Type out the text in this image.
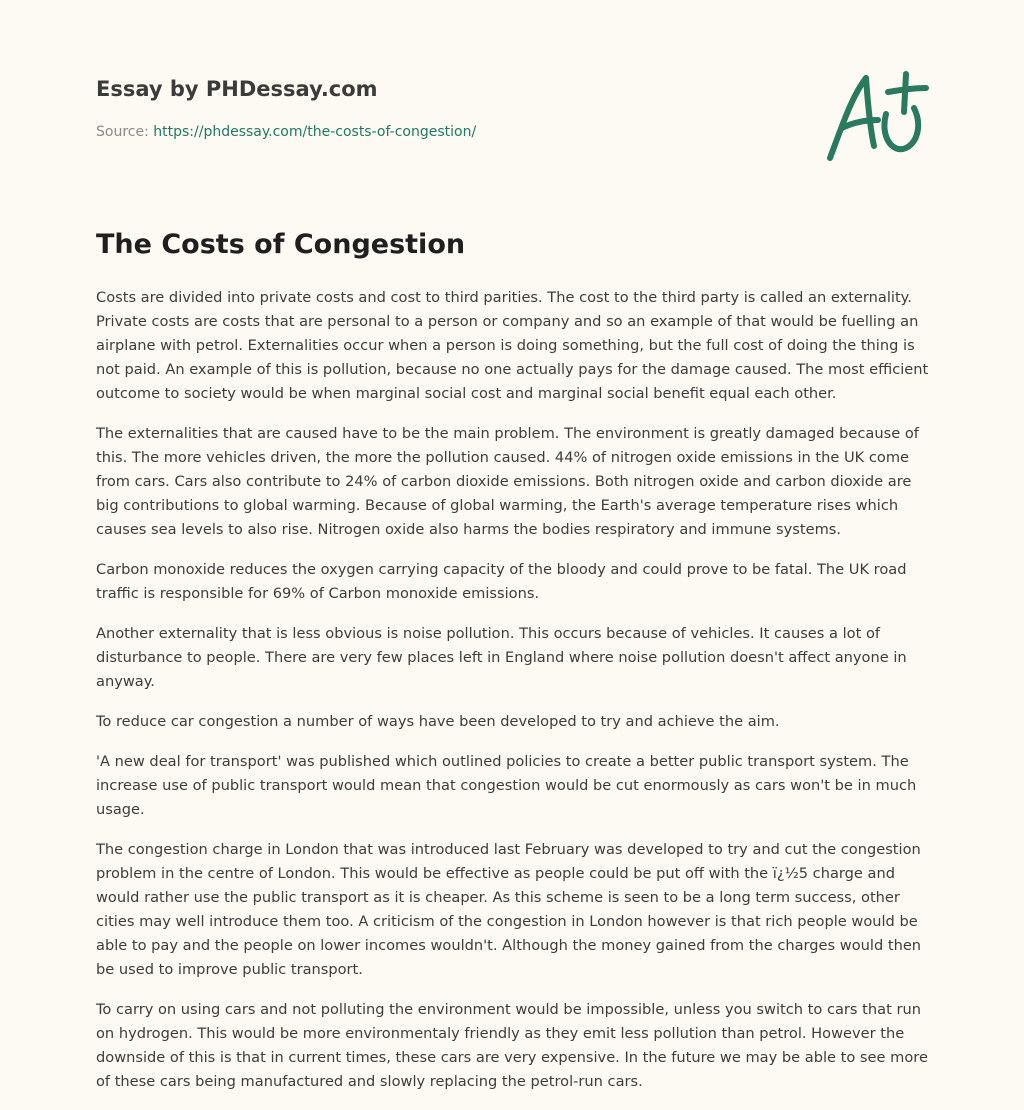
Essay by PHDessay.com

Source: https://phdessay.com/the-costs-of-congestion/
The Costs of Congestion

Costs are divided into private costs and cost to third parities. The cost to the third party is called an externality. Private costs are costs that are personal to a person or company and so an example of that would be fuelling an airplane with petrol. Externalities occur when a person is doing something, but the full cost of doing the thing is not paid. An example of this is pollution, because no one actually pays for the damage caused. The most efficient outcome to society would be when marginal social cost and marginal social benefit equal each other.

The externalities that are caused have to be the main problem. The environment is greatly damaged because of this. The more vehicles driven, the more the pollution caused. 44% of nitrogen oxide emissions in the UK come from cars. Cars also contribute to 24% of carbon dioxide emissions. Both nitrogen oxide and carbon dioxide are big contributions to global warming. Because of global warming, the Earth's average temperature rises which causes sea levels to also rise. Nitrogen oxide also harms the bodies respiratory and immune systems.

Carbon monoxide reduces the oxygen carrying capacity of the bloody and could prove to be fatal. The UK road traffic is responsible for 69% of Carbon monoxide emissions.

Another externality that is less obvious is noise pollution. This occurs because of vehicles. It causes a lot of disturbance to people. There are very few places left in England where noise pollution doesn't affect anyone in anyway.

To reduce car congestion a number of ways have been developed to try and achieve the aim.

'A new deal for transport' was published which outlined policies to create a better public transport system. The increase use of public transport would mean that congestion would be cut enormously as cars won't be in much usage.

The congestion charge in London that was introduced last February was developed to try and cut the congestion problem in the centre of London. This would be effective as people could be put off with the ï¿½5 charge and would rather use the public transport as it is cheaper. As this scheme is seen to be a long term success, other cities may well introduce them too. A criticism of the congestion in London however is that rich people would be able to pay and the people on lower incomes wouldn't. Although the money gained from the charges would then be used to improve public transport.

To carry on using cars and not polluting the environment would be impossible, unless you switch to cars that run on hydrogen. This would be more environmentaly friendly as they emit less pollution than petrol. However the downside of this is that in current times, these cars are very expensive. In the future we may be able to see more of these cars being manufactured and slowly replacing the petrol-run cars.
